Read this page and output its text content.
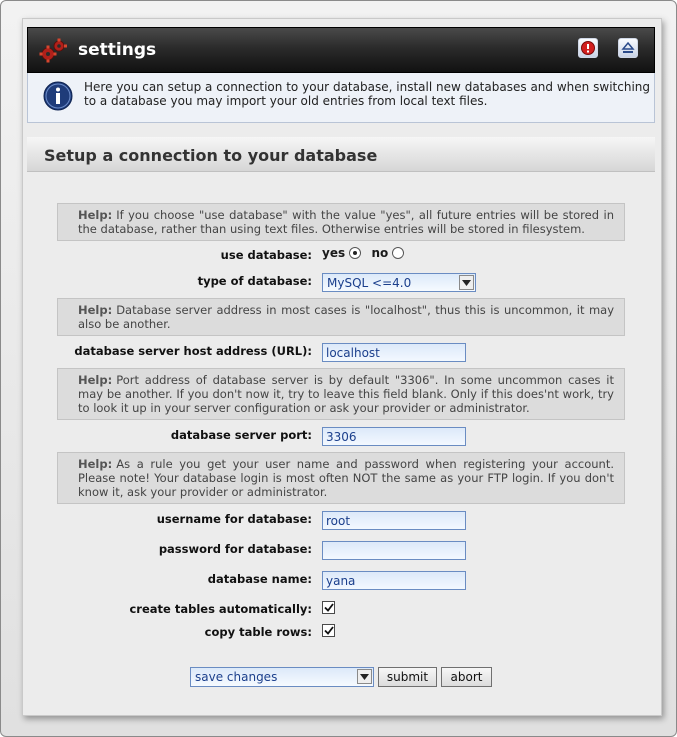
settings
Here you can setup a connection to your database, install new databases and when switching to a database you may import your old entries from local text files.
Setup a connection to your database
Help: If you choose "use database" with the value "yes", all future entries will be stored in the database, rather than using text files. Otherwise entries will be stored in filesystem.
use database: yes no
type of database:	MySQL <=4.0
Help: Database server address in most cases is "localhost", thus this is uncommon, it may also be another.
database server host address (URL):	localhost
Help: Port address of database server is by default "3306". In some uncommon cases it may be another. If you don't now it, try to leave this field blank. Only if this does'nt work, try to look it up in your server configuration or ask your provider or administrator.
database server port:	3306
Help: As a rule you get your user name and password when registering your account. Please note! Your database login is most often NOT the same as your FTP login. If you don't know it, ask your provider or administrator.
username for database:	root
password for database:
database name:	yana
create tables automatically:
copy table rows:
save changes	submit	abort
